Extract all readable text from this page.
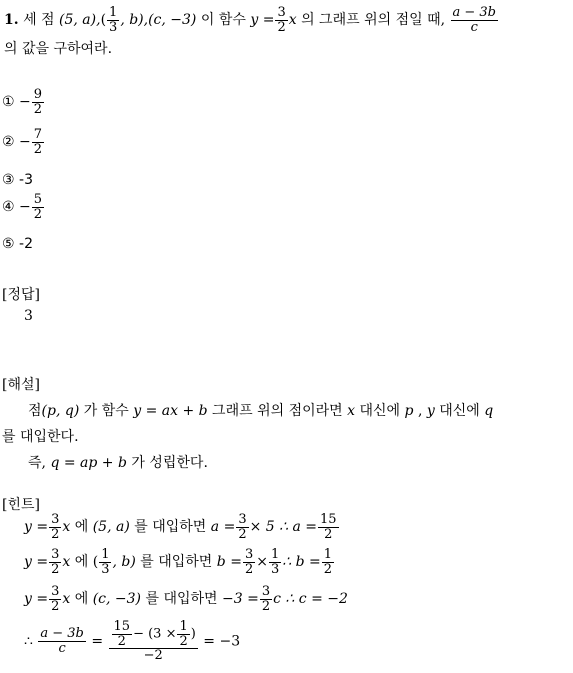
1. 세 점 (5, $a),( \frac{1}{3}$ , b),(c, −3) 이 함수 $y = \frac{3}{2}$ x 의 그래프 위의 점일 때, $\frac{a - 3b}{c}$
의 값을 구하여라.
① − $\frac{9}{2}$
② − $\frac{7}{2}$
③ -3
④ − $\frac{5}{2}$
⑤ -2
[정답]
3
[해설]
점(p, q) 가 함수 y = ax + b 그래프 위의 점이라면 x 대신에 p , y 대신에 q
를 대입한다.
즉, q = ap + b 가 성립한다.
[힌트]
$y = \frac{3}{2}$ x 에 (5, a) 를 대입하면 $a = \frac{3}{2} \times 5$ ∴ $a = \frac{15}{2}$
$y = \frac{3}{2}$ x 에 ( $\frac{1}{3}$ , b) 를 대입하면 $b = \frac{3}{2} \times \frac{1}{3}$ ∴ $b = \frac{1}{2}$
$y = \frac{3}{2}$ x 에 (c, −3) 를 대입하면 $-3 = \frac{3}{2}$ c ∴ c = −2
∴ $\frac{a - 3b}{c} = \frac{\frac{15}{2} - (3 \times \frac{1}{2} )}{-2} = -3$
